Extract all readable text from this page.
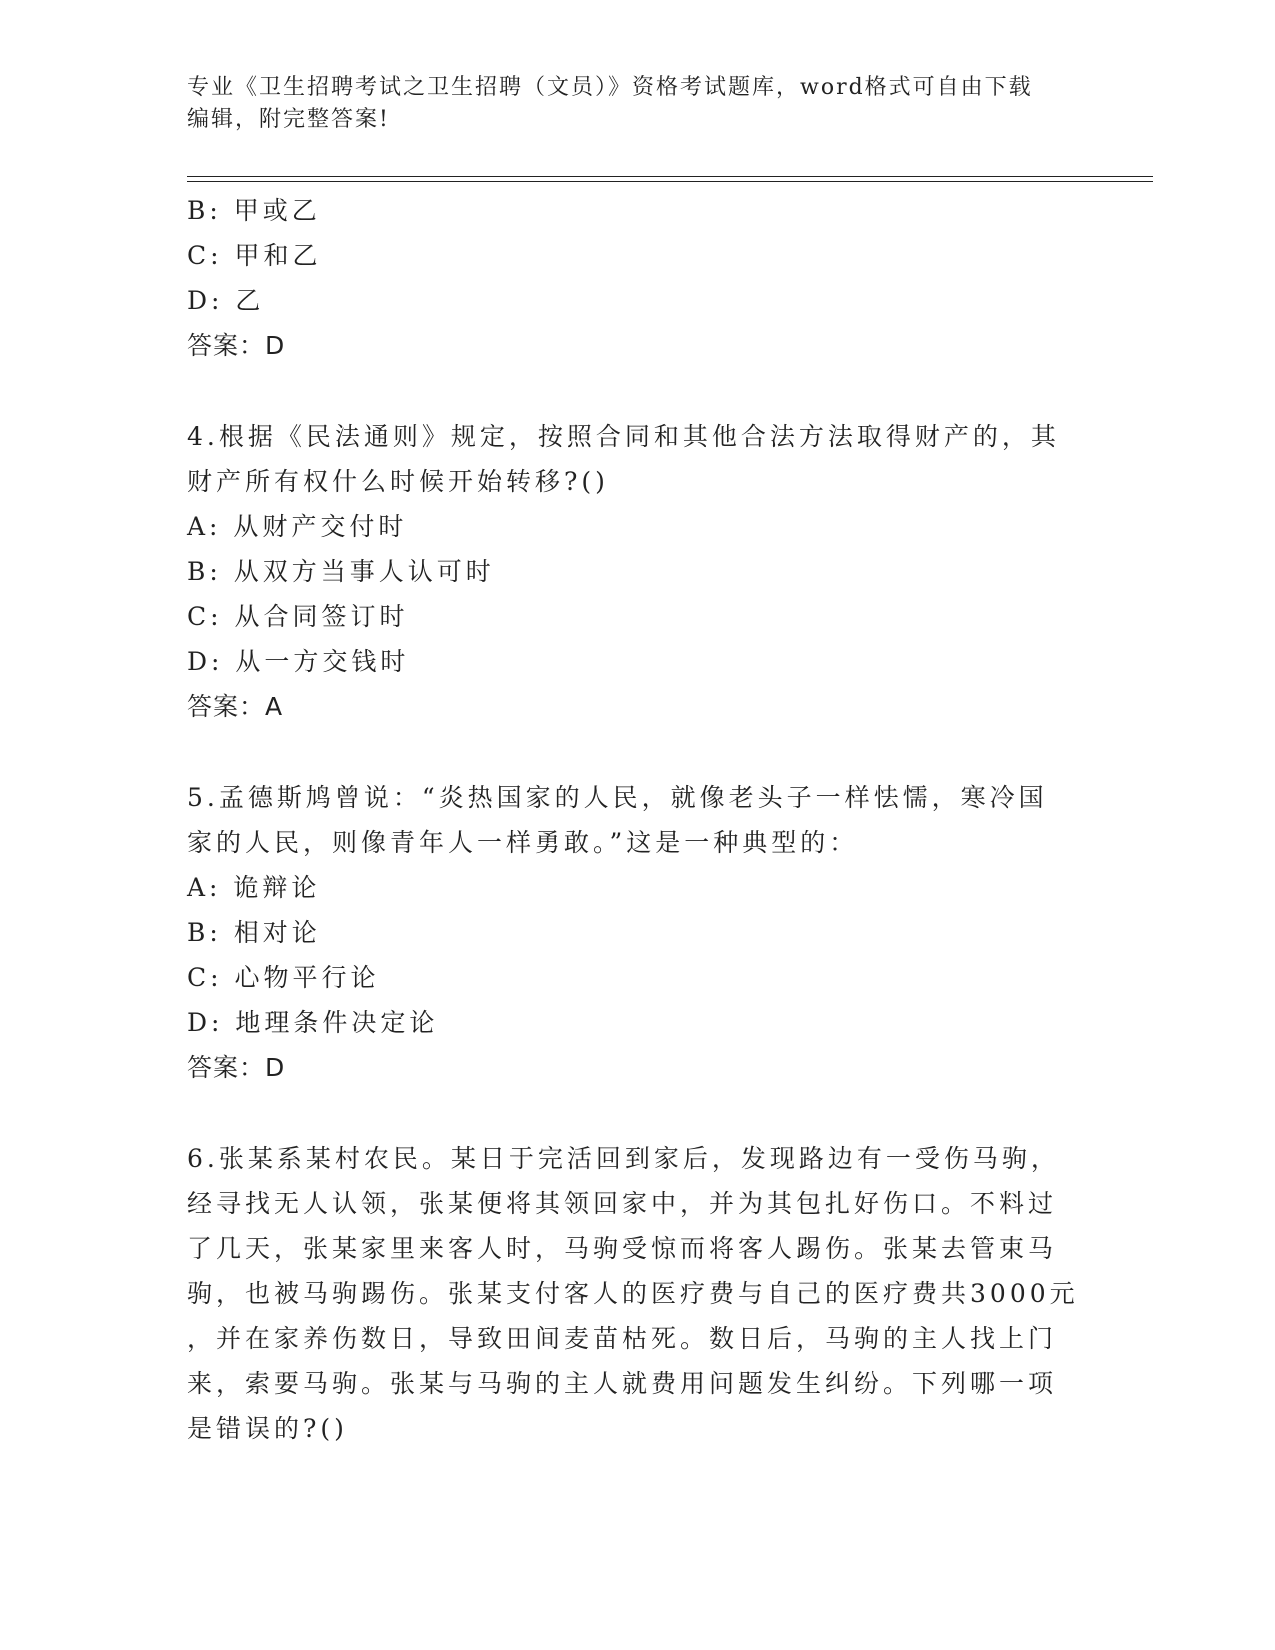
专业《卫生招聘考试之卫生招聘（文员）》资格考试题库，word格式可自由下载
编辑，附完整答案!
B: 甲或乙
C: 甲和乙
D: 乙
答案：D
4.根据《民法通则》规定，按照合同和其他合法方法取得财产的，其
财产所有权什么时候开始转移?()
A: 从财产交付时
B: 从双方当事人认可时
C: 从合同签订时
D: 从一方交钱时
答案：A
5.孟德斯鸠曾说：“炎热国家的人民，就像老头子一样怯懦，寒冷国
家的人民，则像青年人一样勇敢。”这是一种典型的：
A: 诡辩论
B: 相对论
C: 心物平行论
D: 地理条件决定论
答案：D
6.张某系某村农民。某日于完活回到家后，发现路边有一受伤马驹，
经寻找无人认领，张某便将其领回家中，并为其包扎好伤口。不料过
了几天，张某家里来客人时，马驹受惊而将客人踢伤。张某去管束马
驹，也被马驹踢伤。张某支付客人的医疗费与自己的医疗费共3000元
，并在家养伤数日，导致田间麦苗枯死。数日后，马驹的主人找上门
来，索要马驹。张某与马驹的主人就费用问题发生纠纷。下列哪一项
是错误的?()
